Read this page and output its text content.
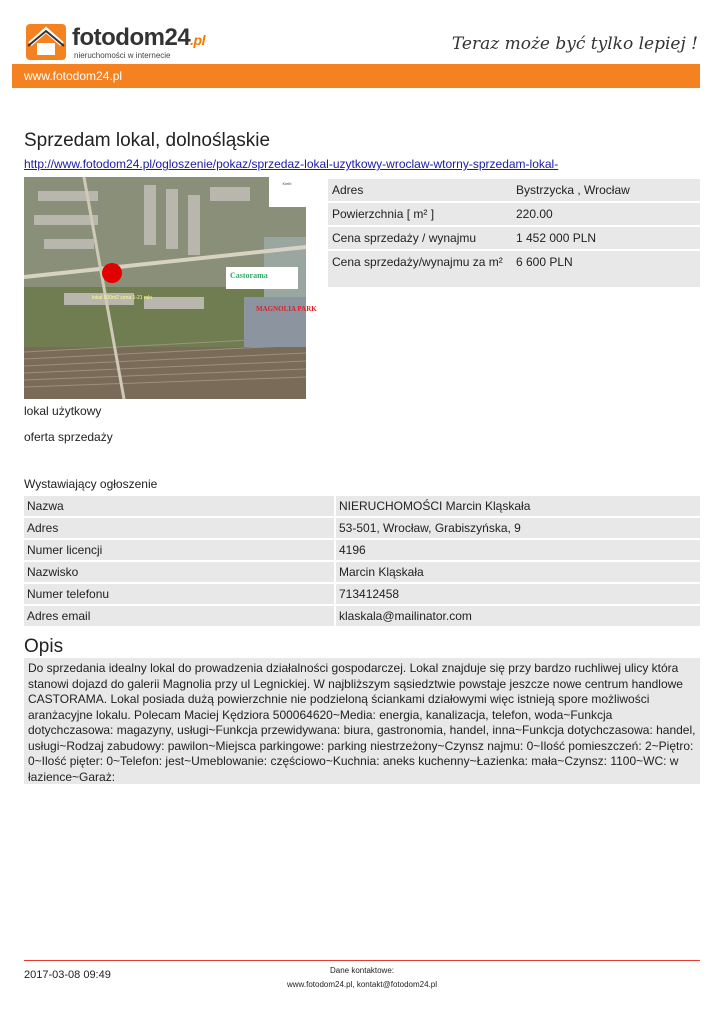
fotodom24.pl
nieruchomości w internecie
Teraz może być tylko lepiej !
www.fotodom24.pl
Sprzedam lokal, dolnośląskie
http://www.fotodom24.pl/ogloszenie/pokaz/sprzedaz-lokal-uzytkowy-wroclaw-wtorny-sprzedam-lokal-
Kielb
Castorama
MAGNOLIA PARK
lokal 500m2 cena 1-21 mln
Adres	Bystrzycka , Wrocław
Powierzchnia [ m² ]	220.00
Cena sprzedaży / wynajmu	1 452 000 PLN
Cena sprzedaży/wynajmu za m²	6 600 PLN
lokal użytkowy
oferta sprzedaży
Wystawiający ogłoszenie
Nazwa		NIERUCHOMOŚCI Marcin Kląskała
Adres		53-501, Wrocław, Grabiszyńska, 9
Numer licencji		4196
Nazwisko		Marcin Kląskała
Numer telefonu		713412458
Adres email		klaskala@mailinator.com
Opis
Do sprzedania idealny lokal do prowadzenia działalności gospodarczej. Lokal znajduje się przy bardzo ruchliwej ulicy która stanowi dojazd do galerii Magnolia przy ul Legnickiej. W najbliższym sąsiedztwie powstaje jeszcze nowe centrum handlowe CASTORAMA. Lokal posiada dużą powierzchnie nie podzieloną ściankami działowymi więc istnieją spore możliwości aranżacyjne lokalu. Polecam Maciej Kędziora 500064620~Media: energia, kanalizacja, telefon, woda~Funkcja dotychczasowa: magazyny, usługi~Funkcja przewidywana: biura, gastronomia, handel, inna~Funkcja dotychczasowa: handel, usługi~Rodzaj zabudowy: pawilon~Miejsca parkingowe: parking niestrzeżony~Czynsz najmu: 0~Ilość pomieszczeń: 2~Piętro: 0~Ilość pięter: 0~Telefon: jest~Umeblowanie: częściowo~Kuchnia: aneks kuchenny~Łazienka: mała~Czynsz: 1100~WC: w łazience~Garaż:
2017-03-08 09:49	Dane kontaktowe:
www.fotodom24.pl, kontakt@fotodom24.pl
